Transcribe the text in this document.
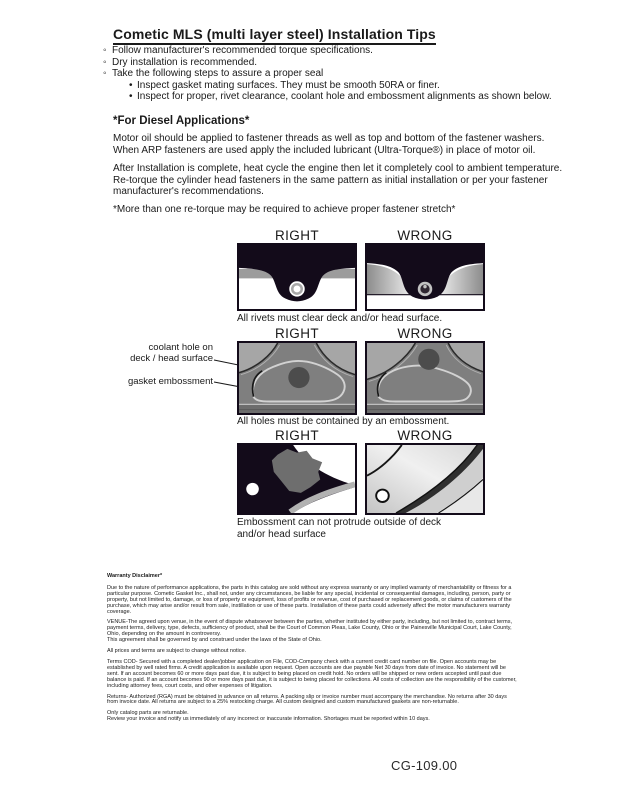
Cometic MLS (multi layer steel) Installation Tips
◦ Follow manufacturer's recommended torque specifications.
◦ Dry installation is recommended.
◦ Take the following steps to assure a proper seal
• Inspect gasket mating surfaces. They must be smooth 50RA or finer.
• Inspect for proper, rivet clearance, coolant hole and embossment alignments as shown below.
*For Diesel Applications*
Motor oil should be applied to fastener threads as well as top and bottom of the fastener washers. When ARP fasteners are used apply the included lubricant (Ultra-Torque®) in place of motor oil.
After Installation is complete, heat cycle the engine then let it completely cool to ambient temperature. Re-torque the cylinder head fasteners in the same pattern as initial installation or per your fastener manufacturer's recommendations.
*More than one re-torque may be required to achieve proper fastener stretch*
RIGHT	WRONG
All rivets must clear deck and/or head surface.
RIGHT	WRONG
coolant hole on
deck / head surface
gasket embossment
All holes must be contained by an embossment.
RIGHT	WRONG
Embossment can not protrude outside of deck and/or head surface
Warranty Disclaimer*

Due to the nature of performance applications, the parts in this catalog are sold without any express warranty or any implied warranty of merchantability or fitness for a particular purpose. Cometic Gasket Inc., shall not, under any circumstances, be liable for any special, incidental or consequential damages, including, person, party or property, but not limited to, damage, or loss of property or equipment, loss of profits or revenue, cost of purchased or replacement goods, or claims of customers of the purchase, which may arise and/or result from sale, instillation or use of these parts. Installation of these parts could adversely affect the motor manufacturers warranty coverage.

VENUE-The agreed upon venue, in the event of dispute whatsoever between the parties, whether instituted by either party, including, but not limited to, contract terms, payment terms, delivery, type, defects, sufficiency of product, shall be the Court of Common Pleas, Lake County, Ohio or the Painesville Municipal Court, Lake County, Ohio, depending on the amount in controversy.

This agreement shall be governed by and construed under the laws of the State of Ohio.

All prices and terms are subject to change without notice.

Terms COD- Secured with a completed dealer/jobber application on File, COD-Company check with a current credit card number on file. Open accounts may be established by well rated firms. A credit application is available upon request. Open accounts are due payable Net 30 days from date of invoice. No statement will be sent. If an account becomes 60 or more days past due, it is subject to being placed on credit hold. No orders will be shipped or new orders accepted until past due balance is paid. If an account becomes 90 or more days past due, it is subject to being placed for collections. All costs of collection are the responsibility of the customer, including attorney fees, court costs, and other expenses of litigation.

Returns- Authorized (RGA) must be obtained in advance on all returns. A packing slip or invoice number must accompany the merchandise. No returns after 30 days from invoice date. All returns are subject to a 25% restocking charge. All custom designed and custom manufactured gaskets are non-returnable.

Only catalog parts are returnable.

Review your invoice and notify us immediately of any incorrect or inaccurate information. Shortages must be reported within 10 days.

CG-109.00
